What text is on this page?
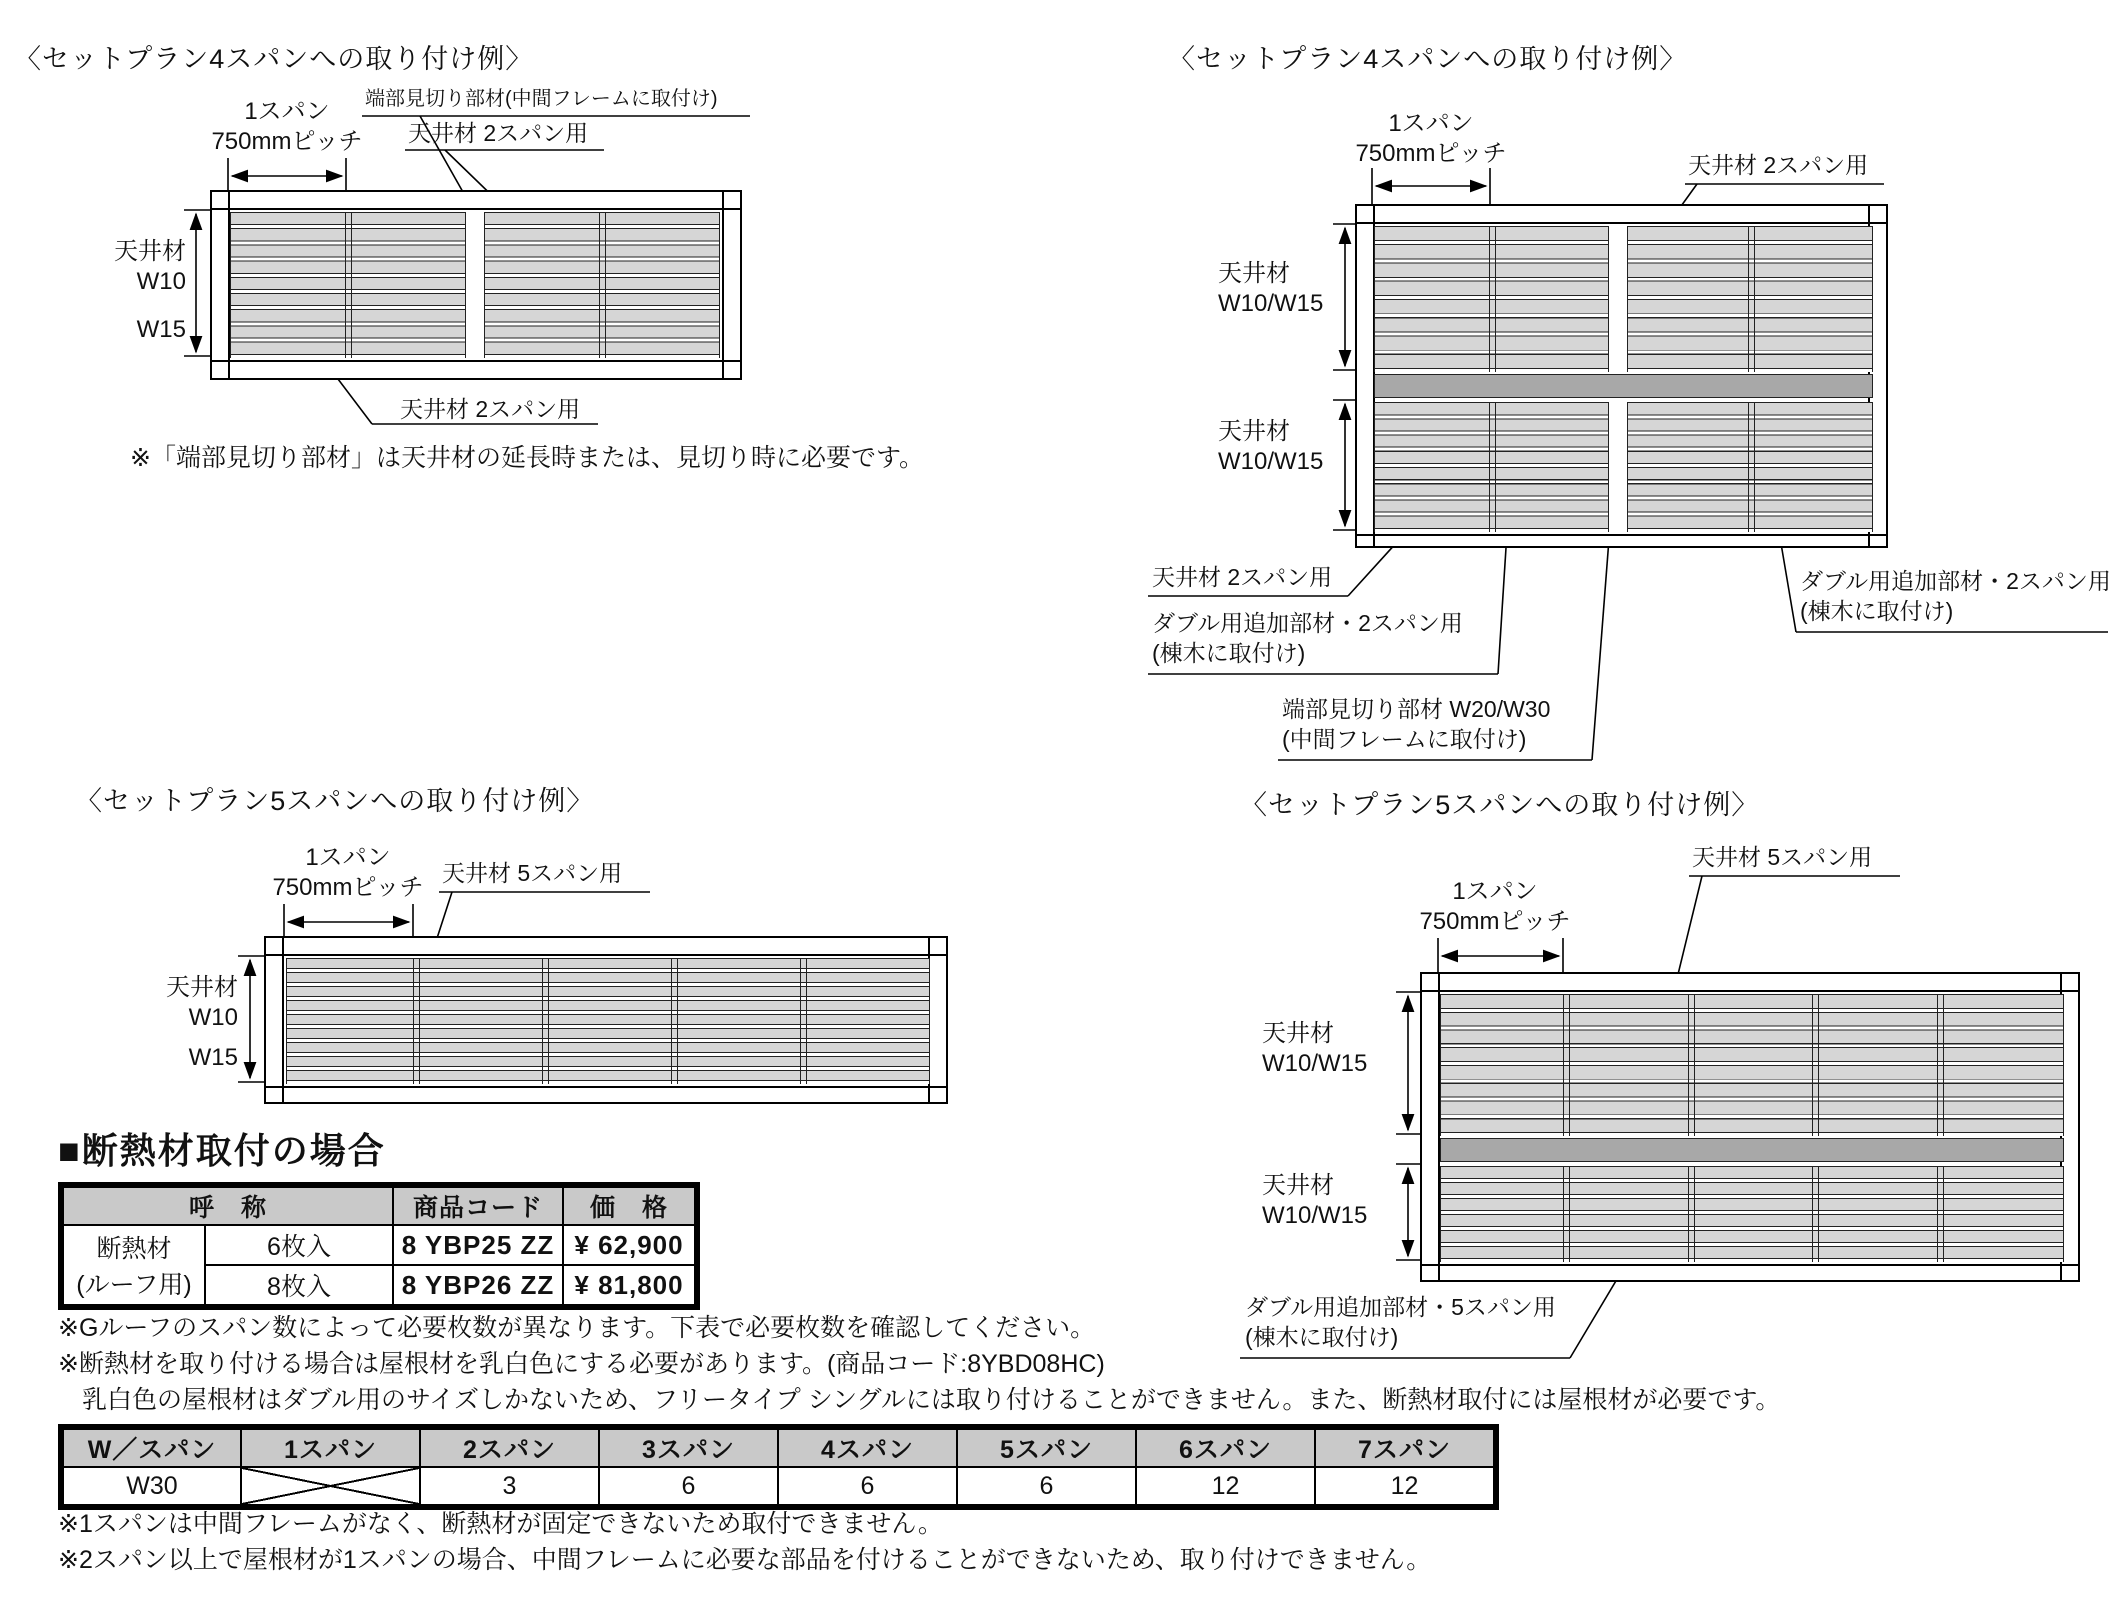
〈セットプラン4スパンへの取り付け例〉
1スパン
750mmピッチ
端部見切り部材(中間フレームに取付け)
天井材 2スパン用
天井材
W10
W15
天井材 2スパン用
※「端部見切り部材」は天井材の延長時または、見切り時に必要です。
〈セットプラン4スパンへの取り付け例〉
1スパン
750mmピッチ	天井材 2スパン用
天井材
W10/W15
天井材
W10/W15
天井材 2スパン用
ダブル用追加部材・2スパン用
(棟木に取付け)
端部見切り部材 W20/W30
(中間フレームに取付け)
ダブル用追加部材・2スパン用
(棟木に取付け)
〈セットプラン5スパンへの取り付け例〉
1スパン
750mmピッチ
天井材 5スパン用
天井材
W10
W15
■断熱材取付の場合
呼　称		商品コード	価　格

断熱材
(ルーフ用)	6枚入	8 YBP25 ZZ	¥ 62,900
	8枚入	8 YBP26 ZZ	¥ 81,800
※Gルーフのスパン数によって必要枚数が異なります。下表で必要枚数を確認してください。
※断熱材を取り付ける場合は屋根材を乳白色にする必要があります。(商品コード:8YBD08HC)
乳白色の屋根材はダブル用のサイズしかないため、フリータイプ シングルには取り付けることができません。また、断熱材取付には屋根材が必要です。
W／スパン	1スパン	2スパン	3スパン	4スパン	5スパン	6スパン	7スパン
W30		3	6	6	6	12	12
※1スパンは中間フレームがなく、断熱材が固定できないため取付できません。
※2スパン以上で屋根材が1スパンの場合、中間フレームに必要な部品を付けることができないため、取り付けできません。
〈セットプラン5スパンへの取り付け例〉
1スパン
750mmピッチ
天井材 5スパン用
天井材
W10/W15
天井材
W10/W15
ダブル用追加部材・5スパン用
(棟木に取付け)
